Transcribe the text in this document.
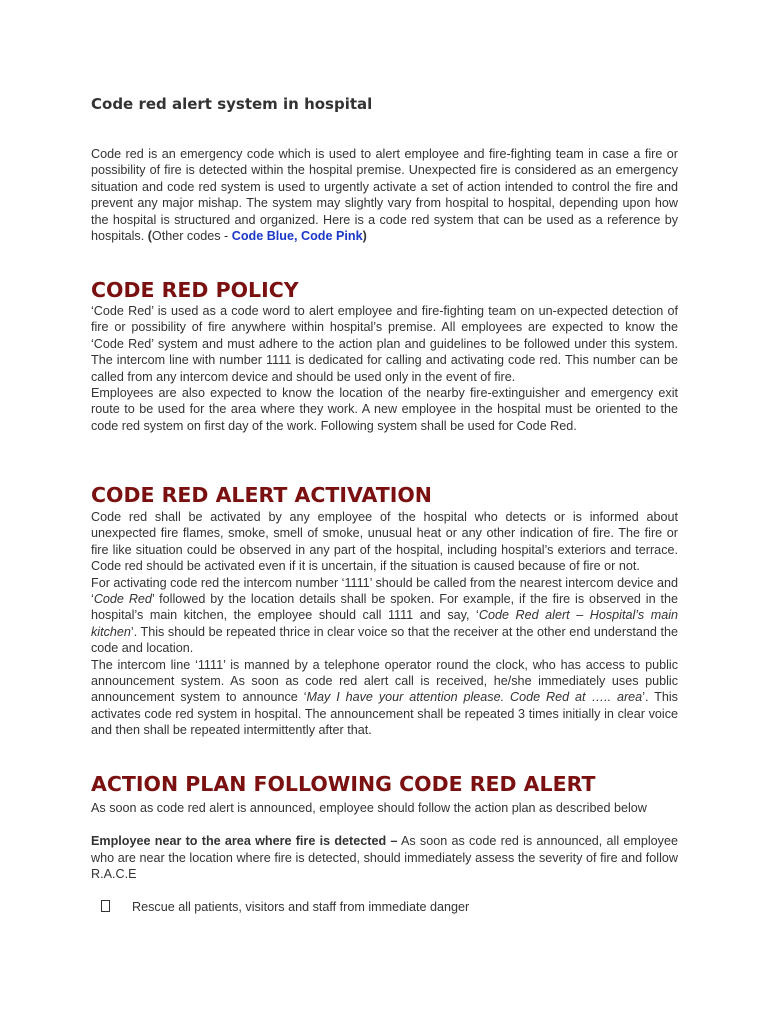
Code red alert system in hospital

Code red is an emergency code which is used to alert employee and fire-fighting team in case a fire or possibility of fire is detected within the hospital premise. Unexpected fire is considered as an emergency situation and code red system is used to urgently activate a set of action intended to control the fire and prevent any major mishap. The system may slightly vary from hospital to hospital, depending upon how the hospital is structured and organized. Here is a code red system that can be used as a reference by hospitals. (Other codes - Code Blue, Code Pink)

CODE RED POLICY

‘Code Red’ is used as a code word to alert employee and fire-fighting team on un-expected detection of fire or possibility of fire anywhere within hospital’s premise. All employees are expected to know the ‘Code Red’ system and must adhere to the action plan and guidelines to be followed under this system. The intercom line with number 1111 is dedicated for calling and activating code red. This number can be called from any intercom device and should be used only in the event of fire.

Employees are also expected to know the location of the nearby fire-extinguisher and emergency exit route to be used for the area where they work. A new employee in the hospital must be oriented to the code red system on first day of the work. Following system shall be used for Code Red.

CODE RED ALERT ACTIVATION

Code red shall be activated by any employee of the hospital who detects or is informed about unexpected fire flames, smoke, smell of smoke, unusual heat or any other indication of fire. The fire or fire like situation could be observed in any part of the hospital, including hospital’s exteriors and terrace. Code red should be activated even if it is uncertain, if the situation is caused because of fire or not.

For activating code red the intercom number ‘1111’ should be called from the nearest intercom device and ‘Code Red’ followed by the location details shall be spoken. For example, if the fire is observed in the hospital’s main kitchen, the employee should call 1111 and say, ‘Code Red alert – Hospital’s main kitchen’. This should be repeated thrice in clear voice so that the receiver at the other end understand the code and location.

The intercom line ‘1111’ is manned by a telephone operator round the clock, who has access to public announcement system. As soon as code red alert call is received, he/she immediately uses public announcement system to announce ‘May I have your attention please. Code Red at ….. area’. This activates code red system in hospital. The announcement shall be repeated 3 times initially in clear voice and then shall be repeated intermittently after that.

ACTION PLAN FOLLOWING CODE RED ALERT

As soon as code red alert is announced, employee should follow the action plan as described below

Employee near to the area where fire is detected – As soon as code red is announced, all employee who are near the location where fire is detected, should immediately assess the severity of fire and follow R.A.C.E

Rescue all patients, visitors and staff from immediate danger
